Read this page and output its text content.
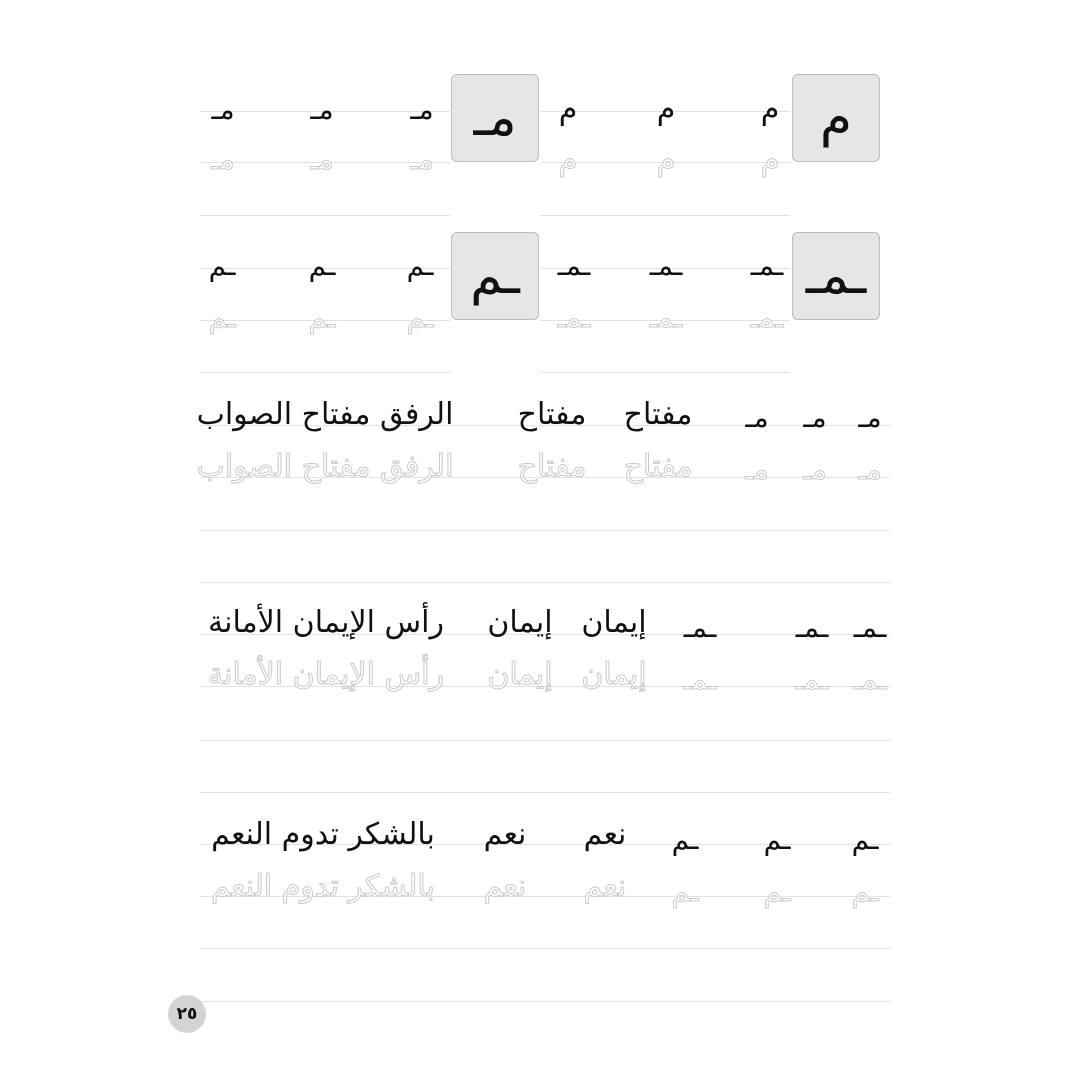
م
مـ	م
م
م
م
م
م
مـ
مـ
مـ
مـ
مـ
مـ
ـمـ
ـم	ـمـ
ـمـ
ـمـ
ـمـ
ـمـ
ـمـ
ـم
ـم
ـم
ـم
ـم
ـم
مـ
مـ
مـ
مفتاح
مفتاح
الرفق مفتاح الصواب
مـ
مـ
مـ
مفتاح
مفتاح
الرفق مفتاح الصواب
ـمـ
ـمـ
ـمـ
إيمان
إيمان
رأس الإيمان الأمانة
ـمـ
ـمـ
ـمـ
إيمان
إيمان
رأس الإيمان الأمانة
ـم
ـم
ـم
نعم
نعم
بالشكر تدوم النعم
ـم
ـم
ـم
نعم
نعم
بالشكر تدوم النعم
٢٥
